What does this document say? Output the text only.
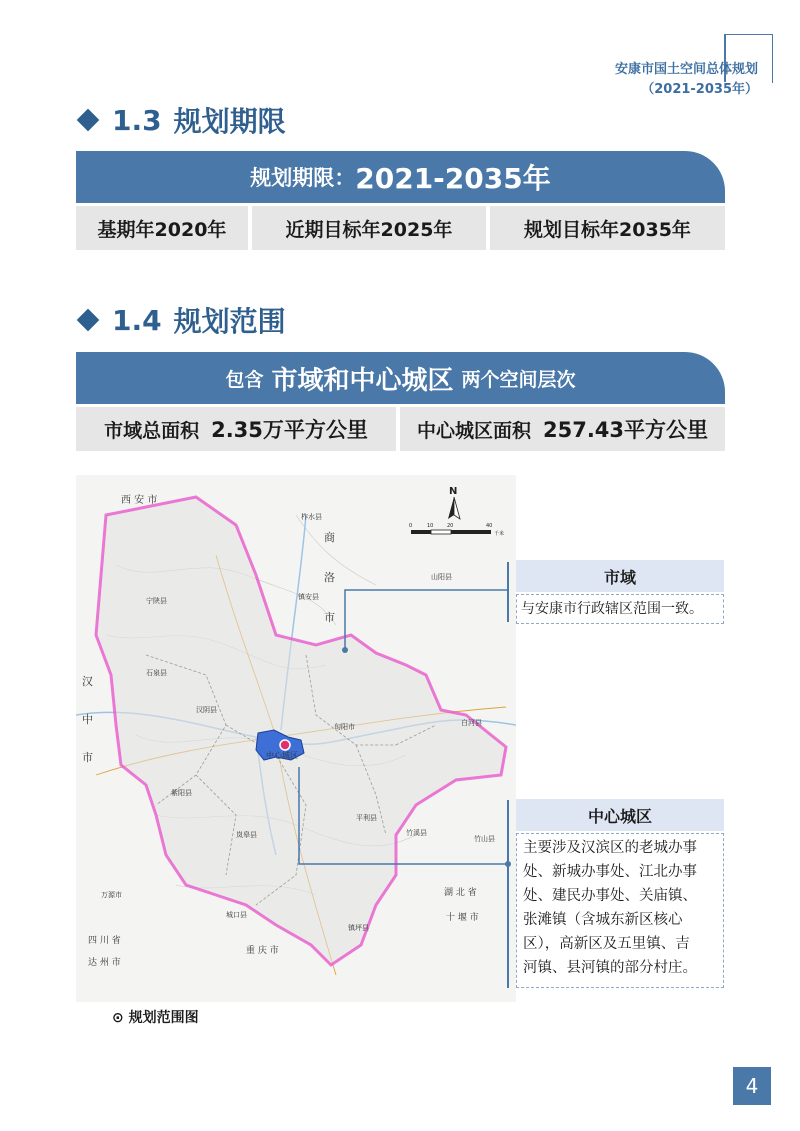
安康市国土空间总体规划
（2021-2035年）
1.3 规划期限
规划期限： 2021-2035年
基期年2020年	近期目标年2025年	规划目标年2035年
1.4 规划范围
包含 市域和中心城区 两个空间层次
市域总面积 2.35万平方公里	中心城区面积 257.43平方公里
中心城区
西 安 市
商
洛
市
汉
中
市
四 川 省
达 州 市
重 庆 市
湖 北 省
十 堰 市
宁陕县
石泉县
汉阴县
旬阳市	白河县
紫阳县
岚皋县
平利县
镇坪县
柞水县
镇安县
山阳县
竹溪县
竹山县
城口县
万源市
N
0	10	20	40
千米
市域
与安康市行政辖区范围一致。
中心城区
主要涉及汉滨区的老城办事
处、新城办事处、江北办事
处、建民办事处、关庙镇、
张滩镇（含城东新区核心
区），高新区及五里镇、吉
河镇、县河镇的部分村庄。
⊙ 规划范围图
4
